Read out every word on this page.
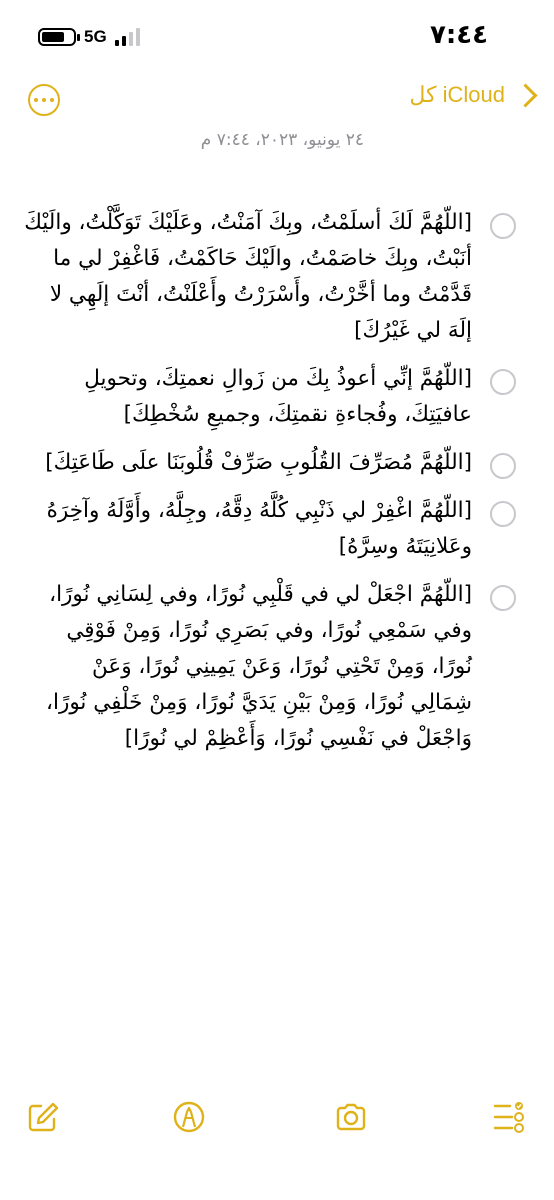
5G	٧:٤٤
كل iCloud
٢٤ يونيو، ٢٠٢٣، ٧:٤٤ م
[اللّهُمَّ لَكَ أسلَمْتُ، وبِكَ آمَنْتُ، وعَلَيْكَ تَوَكَّلْتُ، والَيْكَ أنَبْتُ، وبِكَ خاصَمْتُ، والَيْكَ حَاكَمْتُ، فَاغْفِرْ لي ما قَدَّمْتُ وما أخَّرْتُ، وأَسْرَرْتُ وأَعْلَنْتُ، أنْتَ إلَهِي لا إلَهَ لي غَيْرُكَ]
[اللّهُمَّ إنِّي أعوذُ بِكَ من زَوالِ نعمتِكَ، وتحويلِ عافيَتِكَ، وفُجاءةِ نقمتِكَ، وجميعِ سُخْطِكَ]
[اللّهُمَّ مُصَرِّفَ القُلُوبِ صَرِّفْ قُلُوبَنَا علَى طَاعَتِكَ]
[اللّهُمَّ اغْفِرْ لي ذَنْبِي كُلَّهُ دِقَّهُ، وجِلَّهُ، وأَوَّلَهُ وآخِرَهُ وعَلانِيَتَهُ وسِرَّهُ]
[اللّهُمَّ اجْعَلْ لي في قَلْبِي نُورًا، وفي لِسَانِي نُورًا، وفي سَمْعِي نُورًا، وفي بَصَرِي نُورًا، وَمِنْ فَوْقِي نُورًا، وَمِنْ تَحْتِي نُورًا، وَعَنْ يَمِينِي نُورًا، وَعَنْ شِمَالِي نُورًا، وَمِنْ بَيْنِ يَدَيَّ نُورًا، وَمِنْ خَلْفِي نُورًا، وَاجْعَلْ في نَفْسِي نُورًا، وَأَعْظِمْ لي نُورًا]
